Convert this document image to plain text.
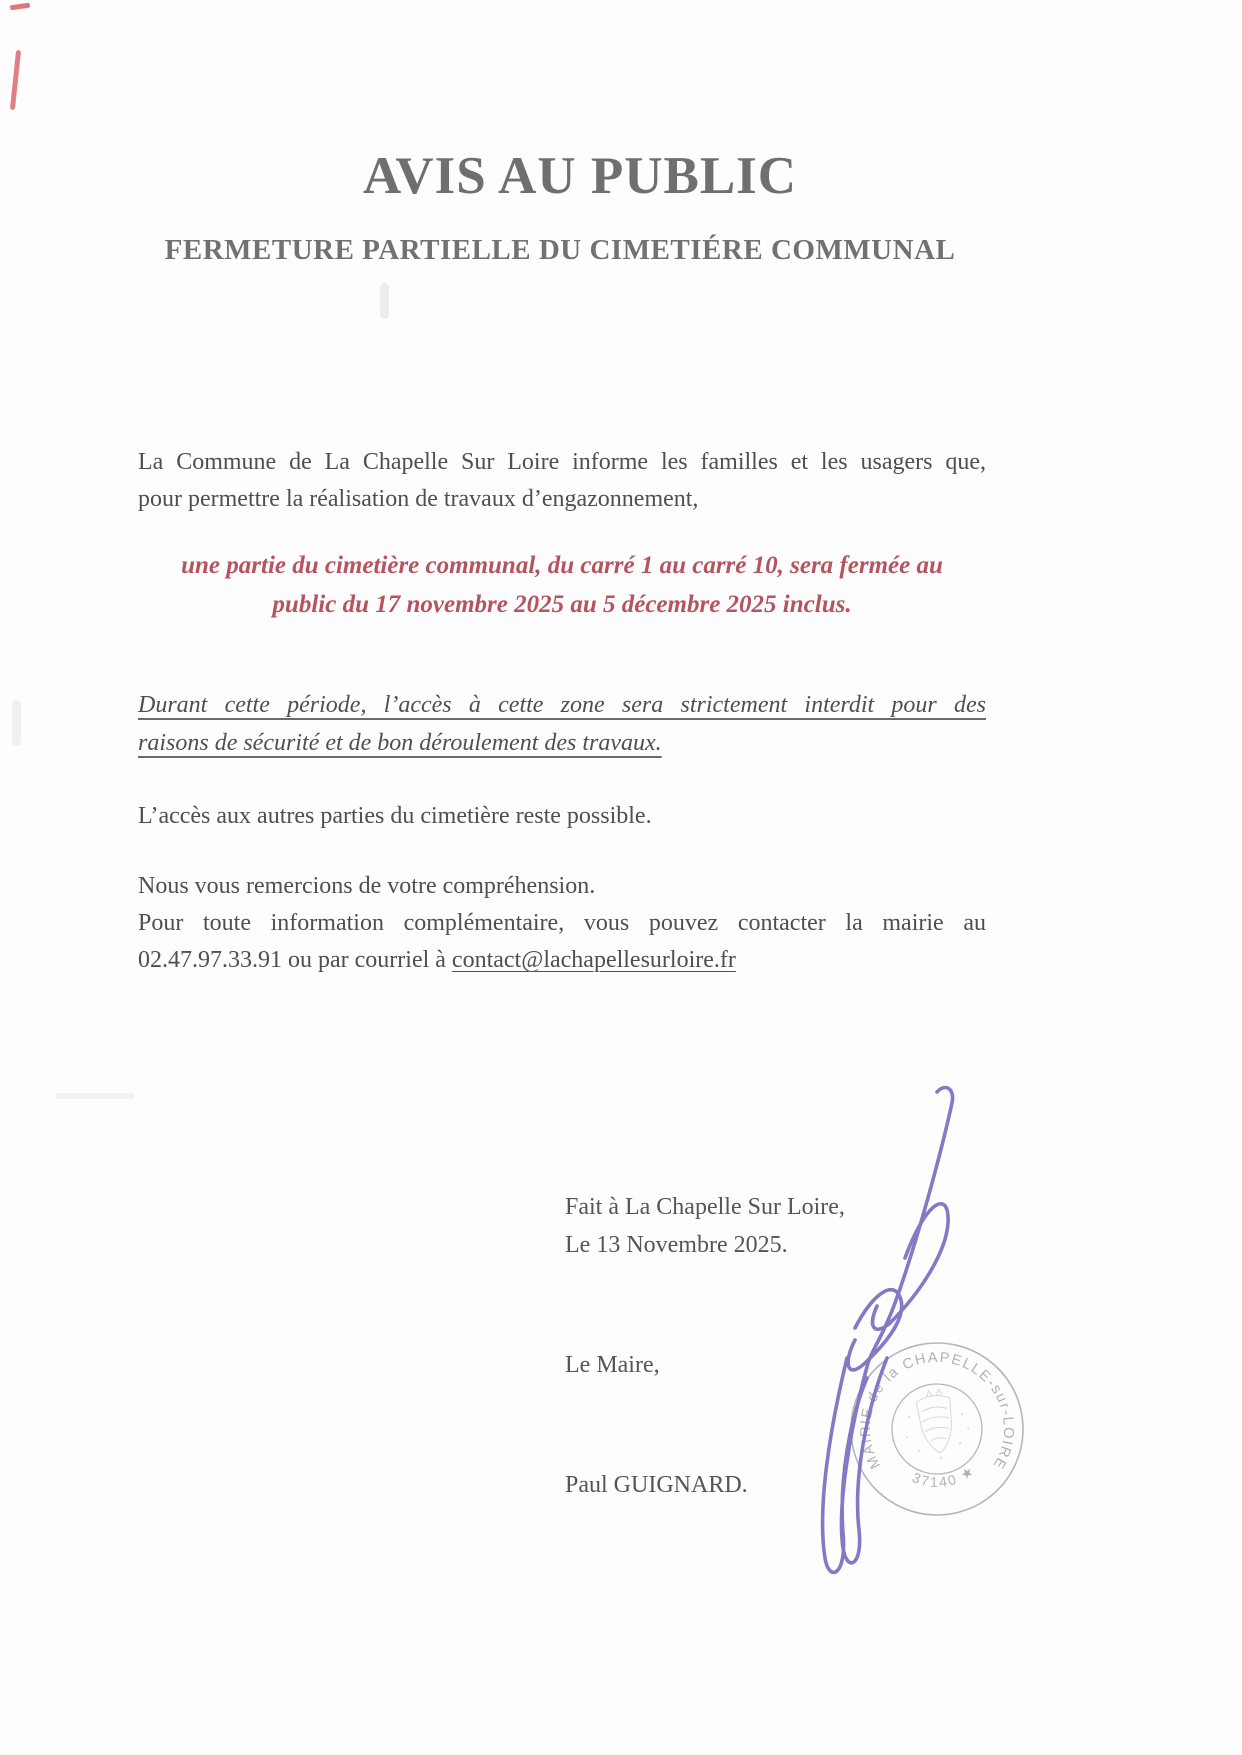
AVIS AU PUBLIC
FERMETURE PARTIELLE DU CIMETIÉRE COMMUNAL
La Commune de La Chapelle Sur Loire informe les familles et les usagers que,
pour permettre la réalisation de travaux d’engazonnement,
une partie du cimetière communal, du carré 1 au carré 10, sera fermée au
public du 17 novembre 2025 au 5 décembre 2025 inclus.
Durant cette période, l’accès à cette zone sera strictement interdit pour des
raisons de sécurité et de bon déroulement des travaux.
L’accès aux autres parties du cimetière reste possible.
Nous vous remercions de votre compréhension.
Pour toute information complémentaire, vous pouvez contacter la mairie au
02.47.97.33.91 ou par courriel à contact@lachapellesurloire.fr
Fait à La Chapelle Sur Loire,
Le 13 Novembre 2025.
Le Maire,
Paul GUIGNARD.
MAIRIE de la CHAPELLE-sur-LOIRE
37140 ★
